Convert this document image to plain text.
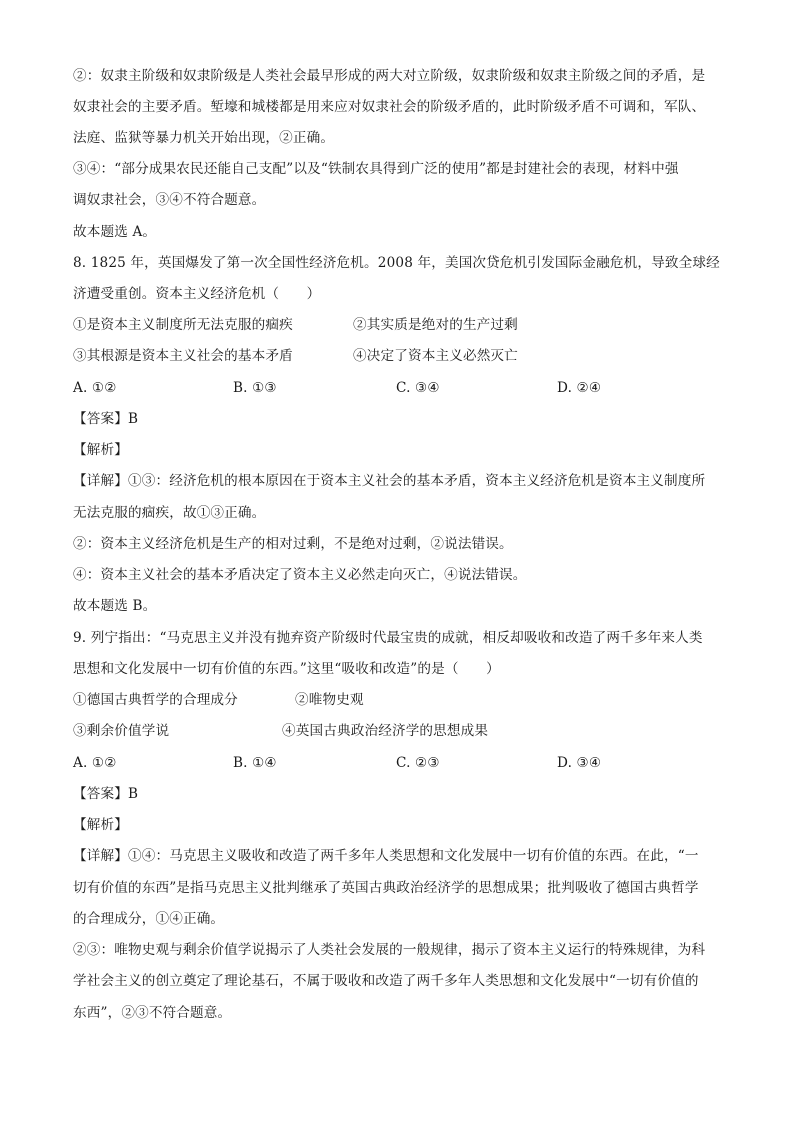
②：奴隶主阶级和奴隶阶级是人类社会最早形成的两大对立阶级，奴隶阶级和奴隶主阶级之间的矛盾，是
奴隶社会的主要矛盾。堑壕和城楼都是用来应对奴隶社会的阶级矛盾的，此时阶级矛盾不可调和，军队、
法庭、监狱等暴力机关开始出现，②正确。
③④：“部分成果农民还能自己支配”以及“铁制农具得到广泛的使用”都是封建社会的表现，材料中强
调奴隶社会，③④不符合题意。
故本题选 A。
8. 1825 年，英国爆发了第一次全国性经济危机。2008 年，美国次贷危机引发国际金融危机，导致全球经
济遭受重创。资本主义经济危机（　　）
①是资本主义制度所无法克服的痼疾	②其实质是绝对的生产过剩
③其根源是资本主义社会的基本矛盾	④决定了资本主义必然灭亡
A. ①②	B. ①③	C. ③④	D. ②④
【答案】B
【解析】
【详解】①③：经济危机的根本原因在于资本主义社会的基本矛盾，资本主义经济危机是资本主义制度所
无法克服的痼疾，故①③正确。
②：资本主义经济危机是生产的相对过剩，不是绝对过剩，②说法错误。
④：资本主义社会的基本矛盾决定了资本主义必然走向灭亡，④说法错误。
故本题选 B。
9. 列宁指出：“马克思主义并没有抛弃资产阶级时代最宝贵的成就，相反却吸收和改造了两千多年来人类
思想和文化发展中一切有价值的东西。”这里“吸收和改造”的是（　　）
①德国古典哲学的合理成分	②唯物史观
③剩余价值学说	④英国古典政治经济学的思想成果
A. ①②	B. ①④	C. ②③	D. ③④
【答案】B
【解析】
【详解】①④：马克思主义吸收和改造了两千多年人类思想和文化发展中一切有价值的东西。在此，“一
切有价值的东西”是指马克思主义批判继承了英国古典政治经济学的思想成果；批判吸收了德国古典哲学
的合理成分，①④正确。
②③：唯物史观与剩余价值学说揭示了人类社会发展的一般规律，揭示了资本主义运行的特殊规律，为科
学社会主义的创立奠定了理论基石，不属于吸收和改造了两千多年人类思想和文化发展中“一切有价值的
东西”，②③不符合题意。
